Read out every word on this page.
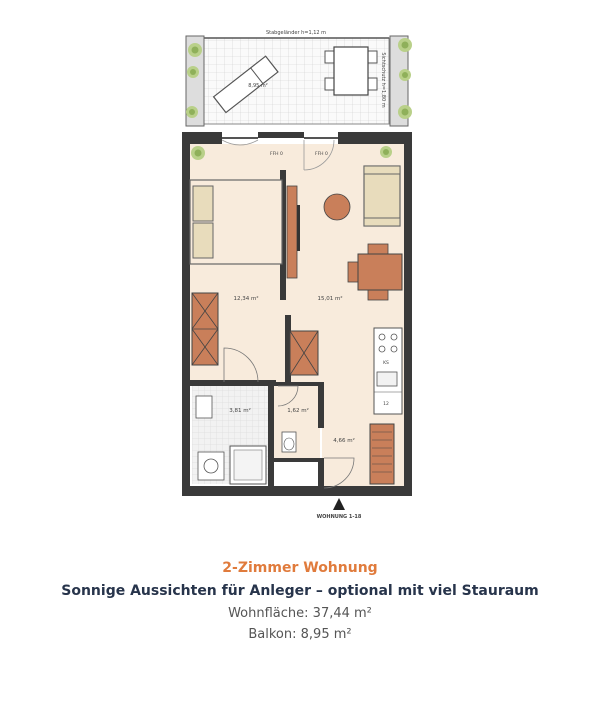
Stabgeländer h=1,12 m
Sichtschutz h=1,80 m
8,95 m²
FFH 0	FFH 0
12,34 m²	15,01 m²
KS
12
3,81 m²	1,62 m²
4,66 m²
WOHNUNG 1-18
2-Zimmer Wohnung
Sonnige Aussichten für Anleger – optional mit viel Stauraum
Wohnfläche: 37,44 m²
Balkon: 8,95 m²
